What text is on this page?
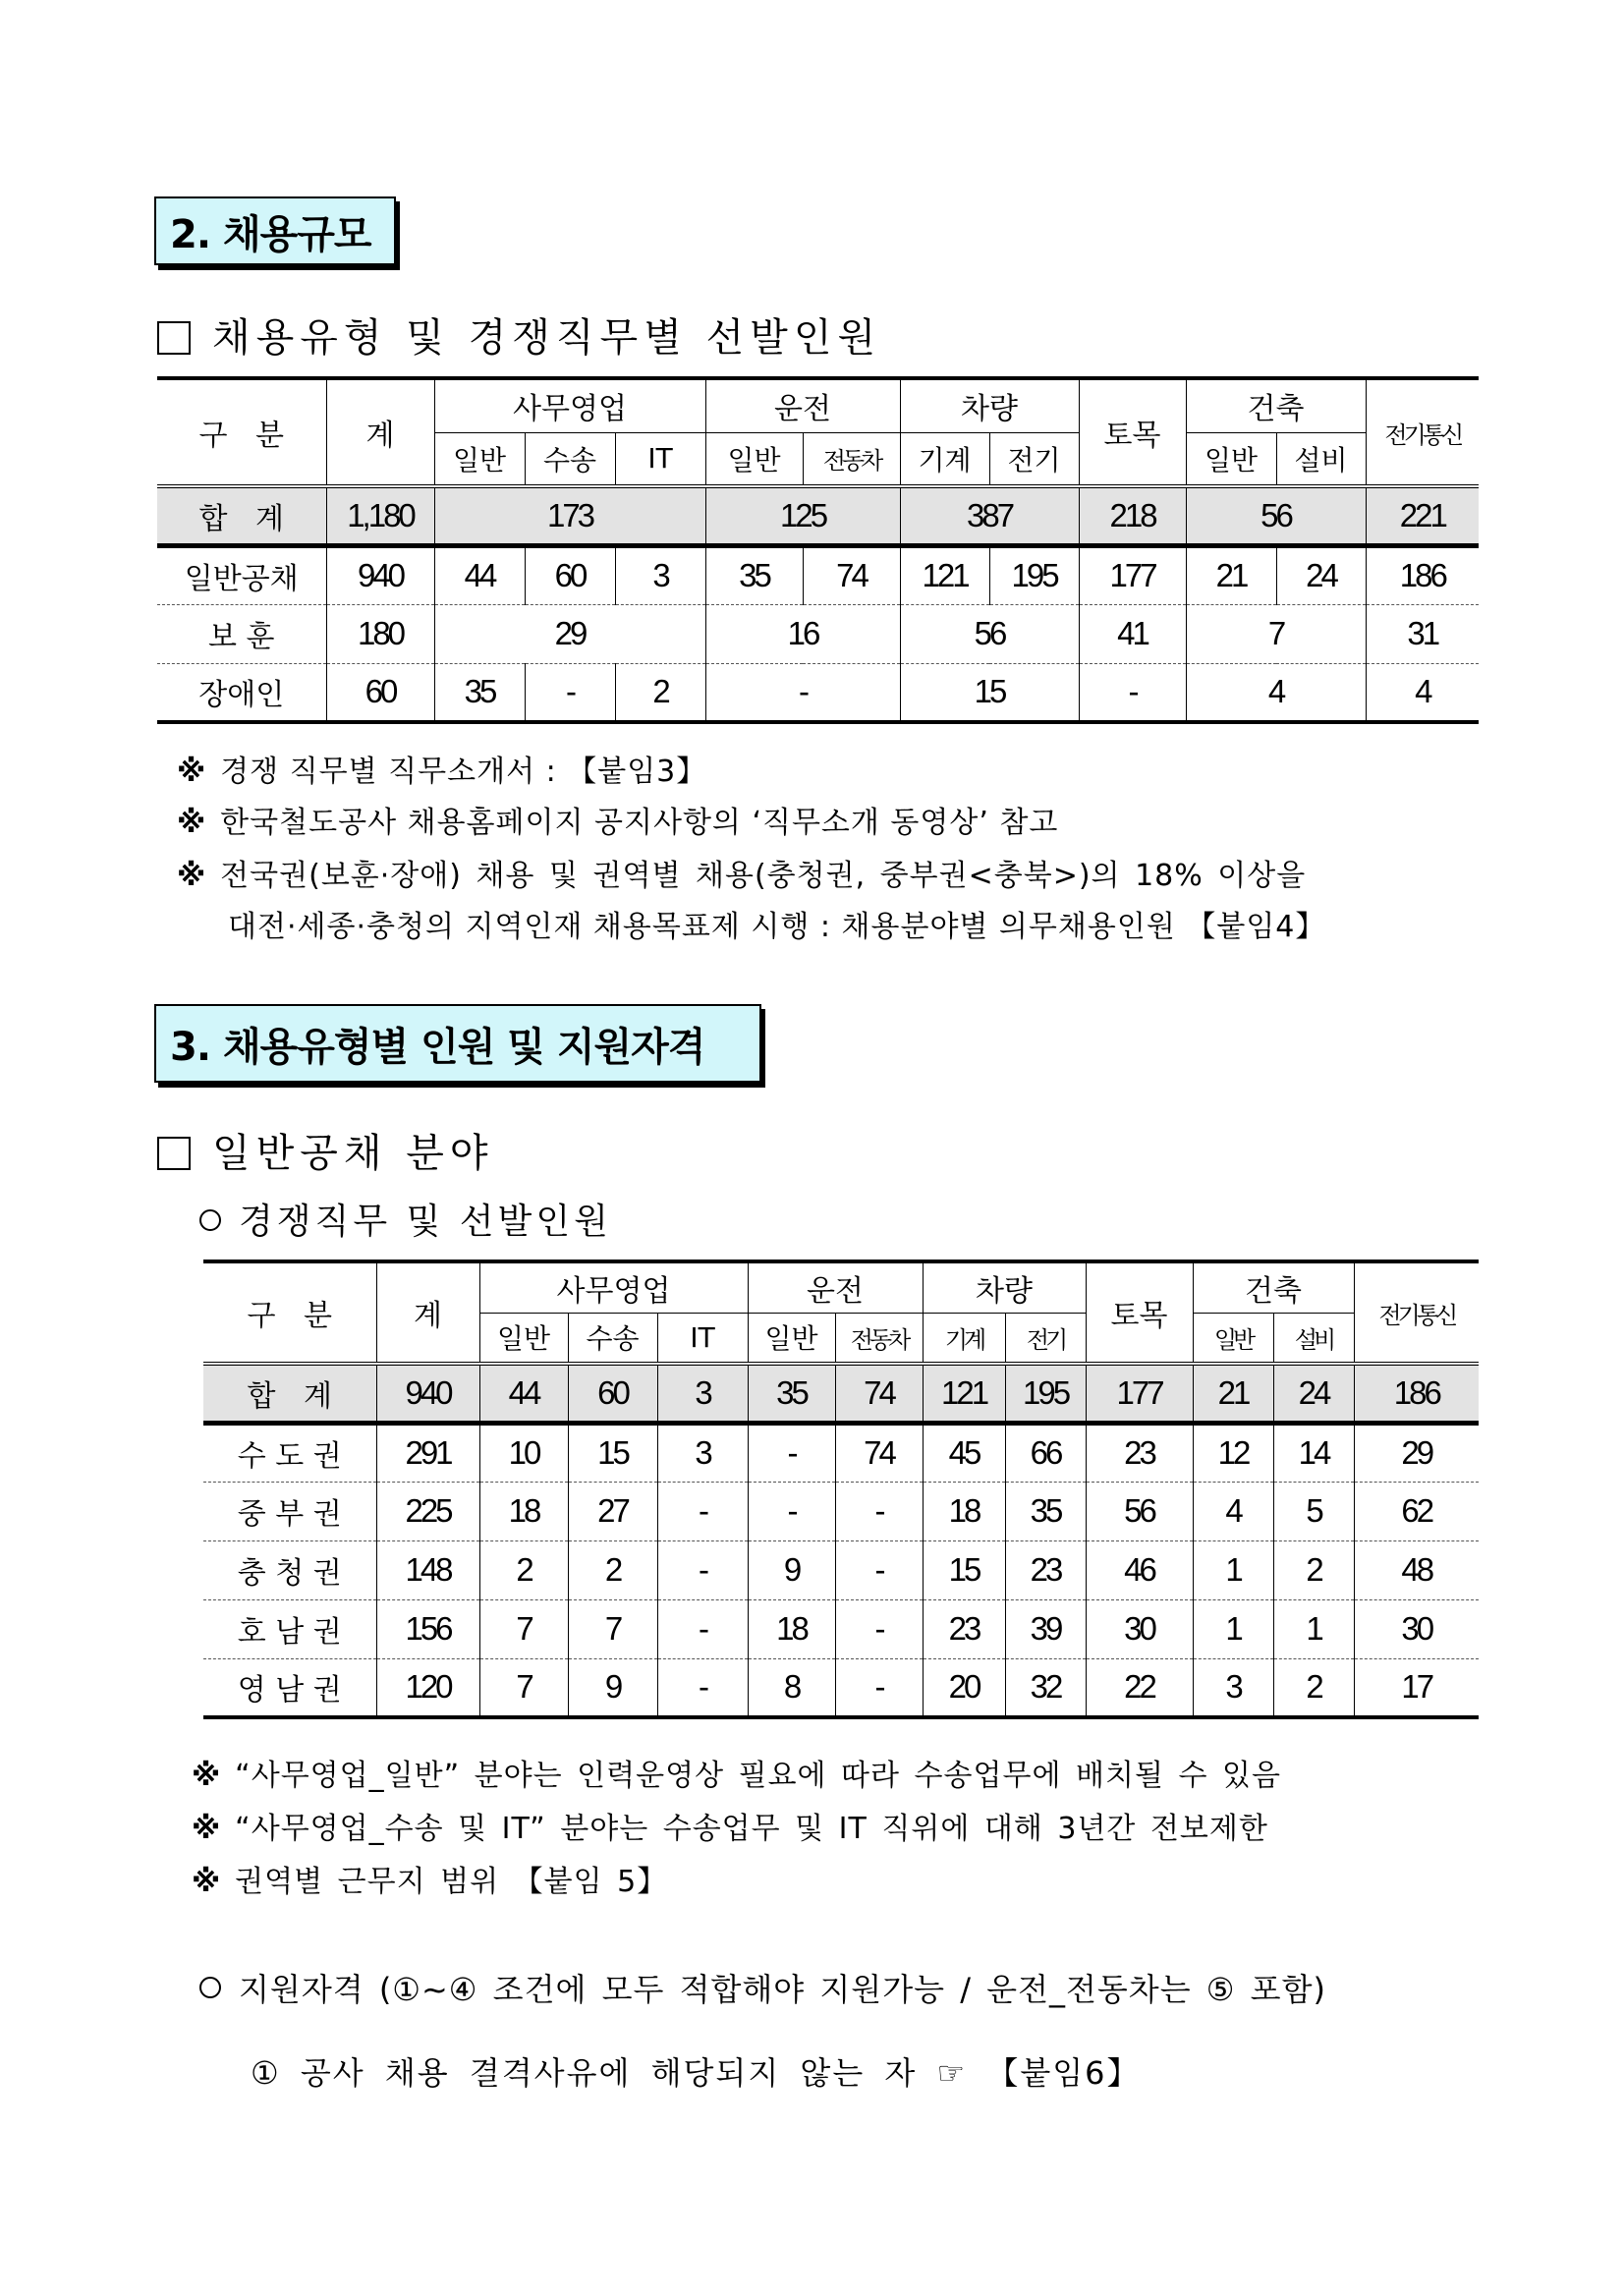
2. 채용규모
채용유형 및 경쟁직무별 선발인원
구   분	계	사무영업			운전		차량		토목	건축		전기통신
		일반	수송	IT	일반	전동차	기계	전기		일반	설비	
합   계	1,180	173			125		387		218	56		221
일반공채	940	44	60	3	35	74	121	195	177	21	24	186
보 훈	180	29			16		56		41	7		31
장애인	60	35	-	2	-		15		-	4		4
※ 경쟁 직무별 직무소개서 : 【붙임3】
※ 한국철도공사 채용홈페이지 공지사항의 ‘직무소개 동영상’ 참고
※ 전국권(보훈·장애) 채용 및 권역별 채용(충청권, 중부권<충북>)의 18% 이상을
대전·세종·충청의 지역인재 채용목표제 시행 : 채용분야별 의무채용인원 【붙임4】
3. 채용유형별 인원 및 지원자격
일반공채 분야
경쟁직무 및 선발인원
구   분	계	사무영업			운전		차량		토목	건축		전기통신
		일반	수송	IT	일반	전동차	기계	전기		일반	설비	
합   계	940	44	60	3	35	74	121	195	177	21	24	186
수 도 권	291	10	15	3	-	74	45	66	23	12	14	29
중 부 권	225	18	27	-	-	-	18	35	56	4	5	62
충 청 권	148	2	2	-	9	-	15	23	46	1	2	48
호 남 권	156	7	7	-	18	-	23	39	30	1	1	30
영 남 권	120	7	9	-	8	-	20	32	22	3	2	17
※ “사무영업_일반” 분야는 인력운영상 필요에 따라 수송업무에 배치될 수 있음
※ “사무영업_수송 및 IT” 분야는 수송업무 및 IT 직위에 대해 3년간 전보제한
※ 권역별 근무지 범위 【붙임 5】
지원자격 (①~④ 조건에 모두 적합해야 지원가능 / 운전_전동차는 ⑤ 포함)
① 공사 채용 결격사유에 해당되지 않는 자 ☞ 【붙임6】
